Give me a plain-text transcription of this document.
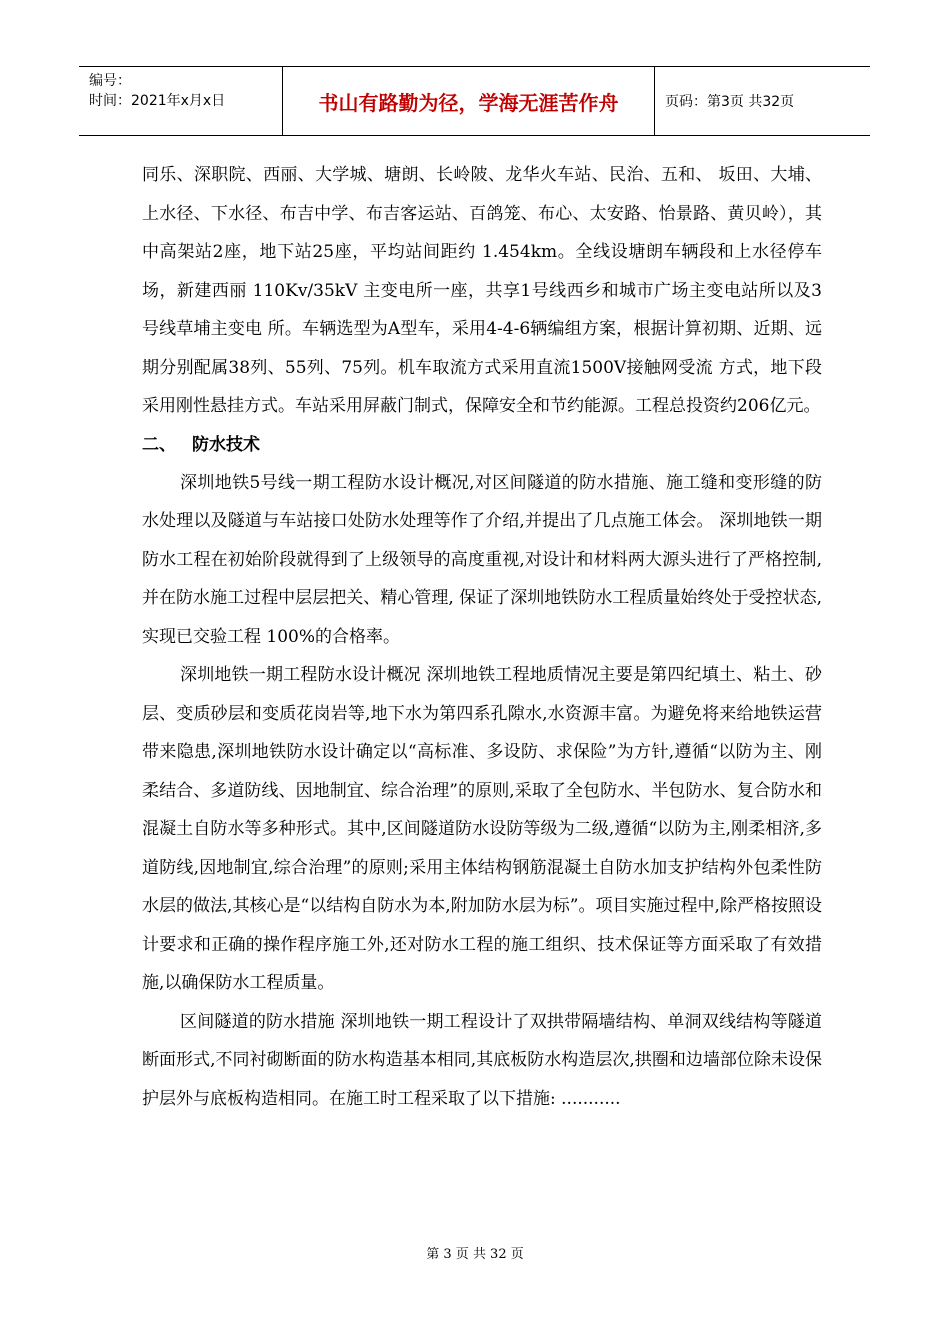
编号：
时间：2021年x月x日	书山有路勤为径，学海无涯苦作舟	页码：第3页 共32页

同乐、深职院、西丽、大学城、塘朗、长岭陂、龙华火车站、民治、五和、 坂田、大埔、上水径、下水径、布吉中学、布吉客运站、百鸽笼、布心、太安路、怡景路、黄贝岭），其中高架站2座，地下站25座，平均站间距约 1.454km。全线设塘朗车辆段和上水径停车场，新建西丽 110Kv/35kV 主变电所一座，共享1号线西乡和城市广场主变电站所以及3号线草埔主变电 所。车辆选型为A型车，采用4-4-6辆编组方案，根据计算初期、近期、远期分别配属38列、55列、75列。机车取流方式采用直流1500V接触网受流 方式，地下段采用刚性悬挂方式。车站采用屏蔽门制式，保障安全和节约能源。工程总投资约206亿元。

二、 防水技术

深圳地铁5号线一期工程防水设计概况,对区间隧道的防水措施、施工缝和变形缝的防水处理以及隧道与车站接口处防水处理等作了介绍,并提出了几点施工体会。 深圳地铁一期防水工程在初始阶段就得到了上级领导的高度重视,对设计和材料两大源头进行了严格控制,并在防水施工过程中层层把关、精心管理, 保证了深圳地铁防水工程质量始终处于受控状态,实现已交验工程 100%的合格率。

深圳地铁一期工程防水设计概况 深圳地铁工程地质情况主要是第四纪填土、粘土、砂层、变质砂层和变质花岗岩等,地下水为第四系孔隙水,水资源丰富。为避免将来给地铁运营带来隐患,深圳地铁防水设计确定以“高标准、多设防、求保险”为方针,遵循“以防为主、刚柔结合、多道防线、因地制宜、综合治理”的原则,采取了全包防水、半包防水、复合防水和混凝土自防水等多种形式。其中,区间隧道防水设防等级为二级,遵循“以防为主,刚柔相济,多道防线,因地制宜,综合治理”的原则;采用主体结构钢筋混凝土自防水加支护结构外包柔性防水层的做法,其核心是“以结构自防水为本,附加防水层为标”。项目实施过程中,除严格按照设计要求和正确的操作程序施工外,还对防水工程的施工组织、技术保证等方面采取了有效措施,以确保防水工程质量。

区间隧道的防水措施 深圳地铁一期工程设计了双拱带隔墙结构、单洞双线结构等隧道断面形式,不同衬砌断面的防水构造基本相同,其底板防水构造层次,拱圈和边墙部位除未设保护层外与底板构造相同。在施工时工程采取了以下措施: ...........

第 3 页 共 32 页
